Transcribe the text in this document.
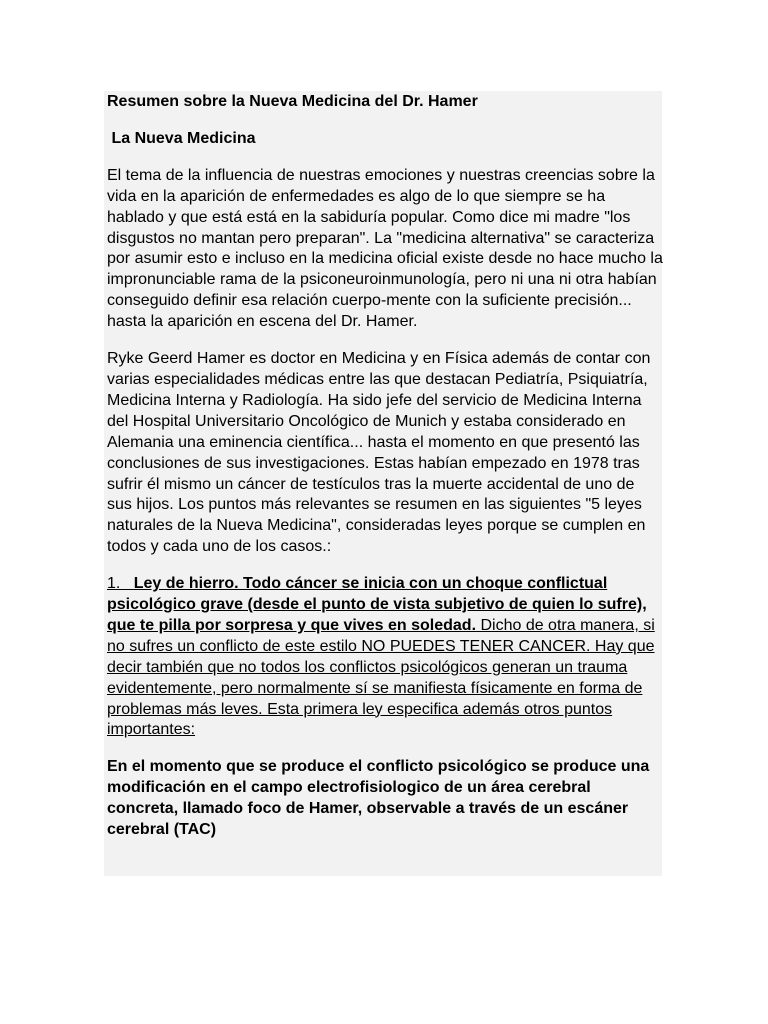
Resumen sobre la Nueva Medicina del Dr. Hamer

La Nueva Medicina

El tema de la influencia de nuestras emociones y nuestras creencias sobre la vida en la aparición de enfermedades es algo de lo que siempre se ha hablado y que está está en la sabiduría popular. Como dice mi madre "los disgustos no mantan pero preparan". La "medicina alternativa" se caracteriza por asumir esto e incluso en la medicina oficial existe desde no hace mucho la impronunciable rama de la psiconeuroinmunología, pero ni una ni otra habían conseguido definir esa relación cuerpo-mente con la suficiente precisión... hasta la aparición en escena del Dr. Hamer.

Ryke Geerd Hamer es doctor en Medicina y en Física además de contar con varias especialidades médicas entre las que destacan Pediatría, Psiquiatría, Medicina Interna y Radiología. Ha sido jefe del servicio de Medicina Interna del Hospital Universitario Oncológico de Munich y estaba considerado en Alemania una eminencia científica... hasta el momento en que presentó las conclusiones de sus investigaciones. Estas habían empezado en 1978 tras sufrir él mismo un cáncer de testículos tras la muerte accidental de uno de sus hijos. Los puntos más relevantes se resumen en las siguientes "5 leyes naturales de la Nueva Medicina", consideradas leyes porque se cumplen en todos y cada uno de los casos.:

1.   Ley de hierro. Todo cáncer se inicia con un choque conflictual psicológico grave (desde el punto de vista subjetivo de quien lo sufre), que te pilla por sorpresa y que vives en soledad. Dicho de otra manera, si no sufres un conflicto de este estilo NO PUEDES TENER CANCER. Hay que decir también que no todos los conflictos psicológicos generan un trauma evidentemente, pero normalmente sí se manifiesta físicamente en forma de problemas más leves. Esta primera ley especifica además otros puntos importantes:

En el momento que se produce el conflicto psicológico se produce una modificación en el campo electrofisiologico de un área cerebral concreta, llamado foco de Hamer, observable a través de un escáner cerebral (TAC)
